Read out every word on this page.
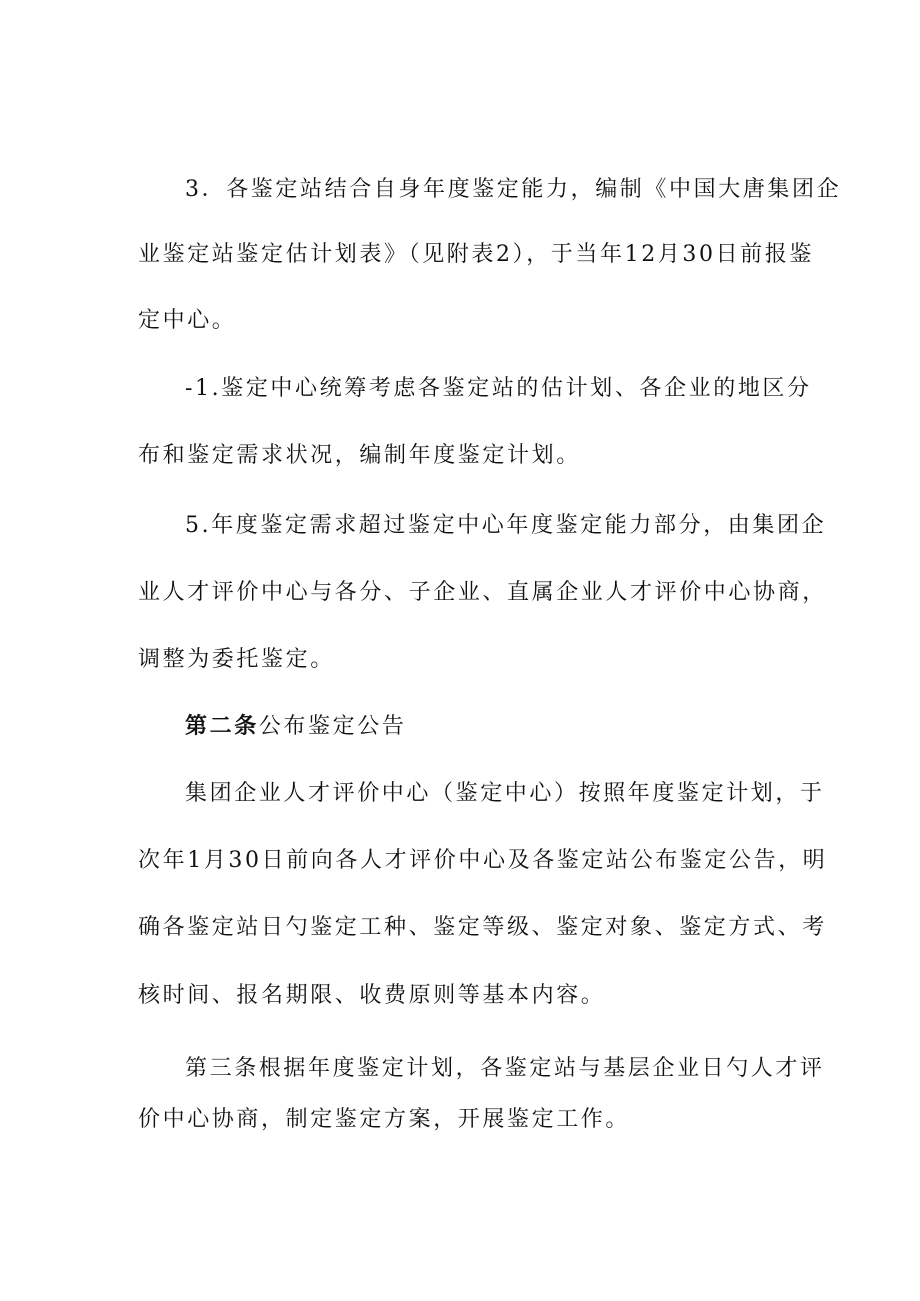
3．各鉴定站结合自身年度鉴定能力，编制《中国大唐集团企
业鉴定站鉴定估计划表》（见附表2），于当年12月30日前报鉴
定中心。
-1.鉴定中心统筹考虑各鉴定站的估计划、各企业的地区分
布和鉴定需求状况，编制年度鉴定计划。
5.年度鉴定需求超过鉴定中心年度鉴定能力部分，由集团企
业人才评价中心与各分、子企业、直属企业人才评价中心协商，
调整为委托鉴定。
第二条公布鉴定公告
集团企业人才评价中心（鉴定中心）按照年度鉴定计划，于
次年1月30日前向各人才评价中心及各鉴定站公布鉴定公告，明
确各鉴定站日勺鉴定工种、鉴定等级、鉴定对象、鉴定方式、考
核时间、报名期限、收费原则等基本内容。
第三条根据年度鉴定计划，各鉴定站与基层企业日勺人才评
价中心协商，制定鉴定方案，开展鉴定工作。
